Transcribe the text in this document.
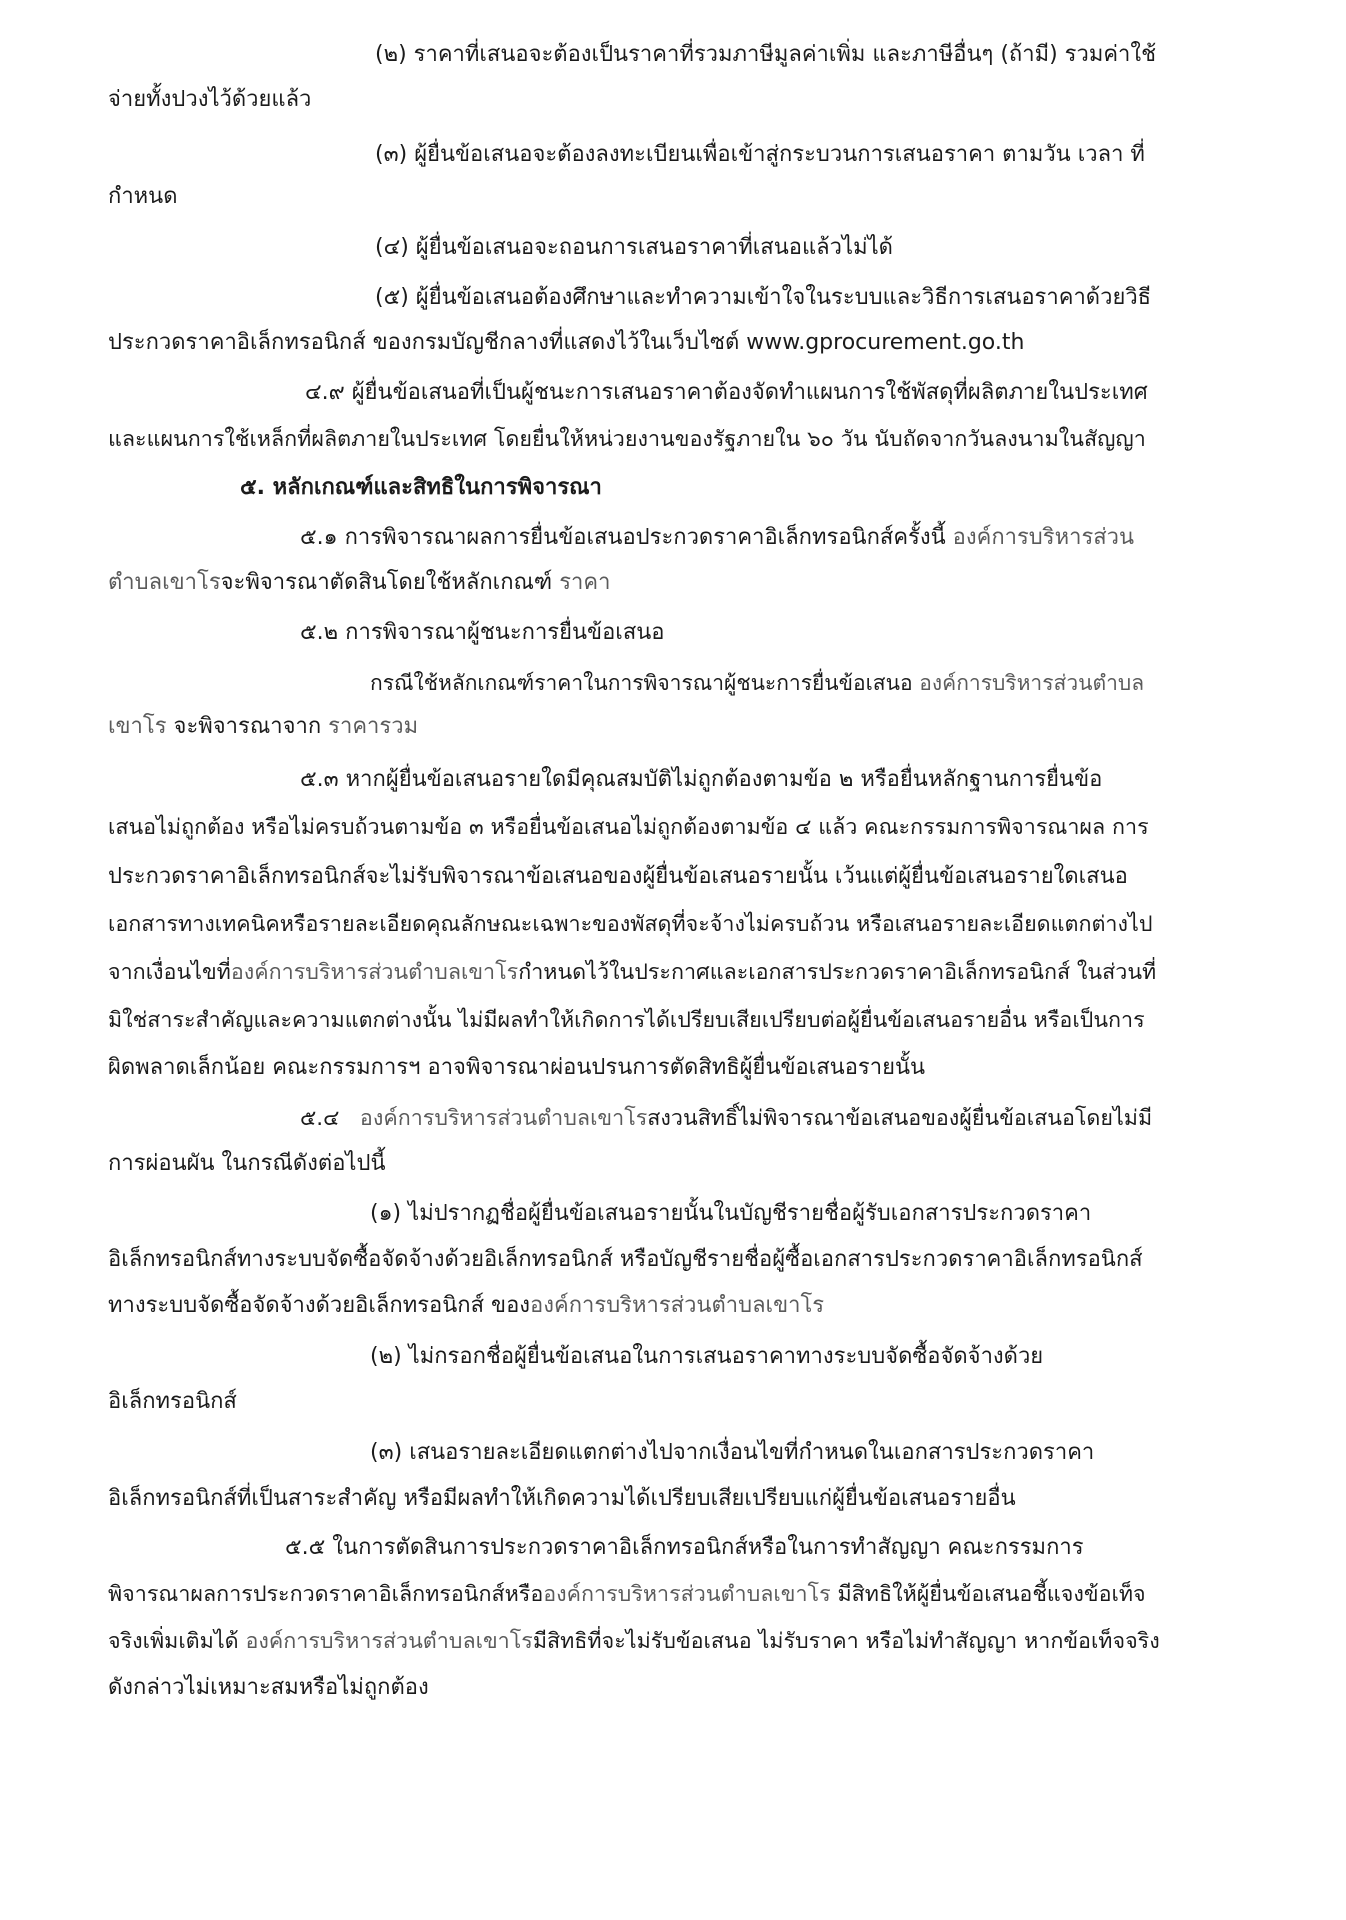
(๒) ราคาที่เสนอจะต้องเป็นราคาที่รวมภาษีมูลค่าเพิ่ม และภาษีอื่นๆ (ถ้ามี) รวมค่าใช้
จ่ายทั้งปวงไว้ด้วยแล้ว
(๓) ผู้ยื่นข้อเสนอจะต้องลงทะเบียนเพื่อเข้าสู่กระบวนการเสนอราคา ตามวัน เวลา ที่
กำหนด
(๔) ผู้ยื่นข้อเสนอจะถอนการเสนอราคาที่เสนอแล้วไม่ได้
(๕) ผู้ยื่นข้อเสนอต้องศึกษาและทำความเข้าใจในระบบและวิธีการเสนอราคาด้วยวิธี
ประกวดราคาอิเล็กทรอนิกส์ ของกรมบัญชีกลางที่แสดงไว้ในเว็บไซต์ www.gprocurement.go.th
๔.๙ ผู้ยื่นข้อเสนอที่เป็นผู้ชนะการเสนอราคาต้องจัดทำแผนการใช้พัสดุที่ผลิตภายในประเทศ
และแผนการใช้เหล็กที่ผลิตภายในประเทศ โดยยื่นให้หน่วยงานของรัฐภายใน ๖๐ วัน นับถัดจากวันลงนามในสัญญา
๕. หลักเกณฑ์และสิทธิในการพิจารณา
๕.๑ การพิจารณาผลการยื่นข้อเสนอประกวดราคาอิเล็กทรอนิกส์ครั้งนี้ องค์การบริหารส่วน
ตำบลเขาโรจะพิจารณาตัดสินโดยใช้หลักเกณฑ์ ราคา
๕.๒ การพิจารณาผู้ชนะการยื่นข้อเสนอ
กรณีใช้หลักเกณฑ์ราคาในการพิจารณาผู้ชนะการยื่นข้อเสนอ องค์การบริหารส่วนตำบล
เขาโร จะพิจารณาจาก ราคารวม
๕.๓ หากผู้ยื่นข้อเสนอรายใดมีคุณสมบัติไม่ถูกต้องตามข้อ ๒ หรือยื่นหลักฐานการยื่นข้อ
เสนอไม่ถูกต้อง หรือไม่ครบถ้วนตามข้อ ๓ หรือยื่นข้อเสนอไม่ถูกต้องตามข้อ ๔ แล้ว คณะกรรมการพิจารณาผล การ
ประกวดราคาอิเล็กทรอนิกส์จะไม่รับพิจารณาข้อเสนอของผู้ยื่นข้อเสนอรายนั้น เว้นแต่ผู้ยื่นข้อเสนอรายใดเสนอ
เอกสารทางเทคนิคหรือรายละเอียดคุณลักษณะเฉพาะของพัสดุที่จะจ้างไม่ครบถ้วน หรือเสนอรายละเอียดแตกต่างไป
จากเงื่อนไขที่องค์การบริหารส่วนตำบลเขาโรกำหนดไว้ในประกาศและเอกสารประกวดราคาอิเล็กทรอนิกส์ ในส่วนที่
มิใช่สาระสำคัญและความแตกต่างนั้น ไม่มีผลทำให้เกิดการได้เปรียบเสียเปรียบต่อผู้ยื่นข้อเสนอรายอื่น หรือเป็นการ
ผิดพลาดเล็กน้อย คณะกรรมการฯ อาจพิจารณาผ่อนปรนการตัดสิทธิผู้ยื่นข้อเสนอรายนั้น
๕.๔ องค์การบริหารส่วนตำบลเขาโรสงวนสิทธิ์ไม่พิจารณาข้อเสนอของผู้ยื่นข้อเสนอโดยไม่มี
การผ่อนผัน ในกรณีดังต่อไปนี้
(๑) ไม่ปรากฏชื่อผู้ยื่นข้อเสนอรายนั้นในบัญชีรายชื่อผู้รับเอกสารประกวดราคา
อิเล็กทรอนิกส์ทางระบบจัดซื้อจัดจ้างด้วยอิเล็กทรอนิกส์ หรือบัญชีรายชื่อผู้ซื้อเอกสารประกวดราคาอิเล็กทรอนิกส์
ทางระบบจัดซื้อจัดจ้างด้วยอิเล็กทรอนิกส์ ขององค์การบริหารส่วนตำบลเขาโร
(๒) ไม่กรอกชื่อผู้ยื่นข้อเสนอในการเสนอราคาทางระบบจัดซื้อจัดจ้างด้วย
อิเล็กทรอนิกส์
(๓) เสนอรายละเอียดแตกต่างไปจากเงื่อนไขที่กำหนดในเอกสารประกวดราคา
อิเล็กทรอนิกส์ที่เป็นสาระสำคัญ หรือมีผลทำให้เกิดความได้เปรียบเสียเปรียบแก่ผู้ยื่นข้อเสนอรายอื่น
๕.๕ ในการตัดสินการประกวดราคาอิเล็กทรอนิกส์หรือในการทำสัญญา คณะกรรมการ
พิจารณาผลการประกวดราคาอิเล็กทรอนิกส์หรือองค์การบริหารส่วนตำบลเขาโร มีสิทธิให้ผู้ยื่นข้อเสนอชี้แจงข้อเท็จ
จริงเพิ่มเติมได้ องค์การบริหารส่วนตำบลเขาโรมีสิทธิที่จะไม่รับข้อเสนอ ไม่รับราคา หรือไม่ทำสัญญา หากข้อเท็จจริง
ดังกล่าวไม่เหมาะสมหรือไม่ถูกต้อง
